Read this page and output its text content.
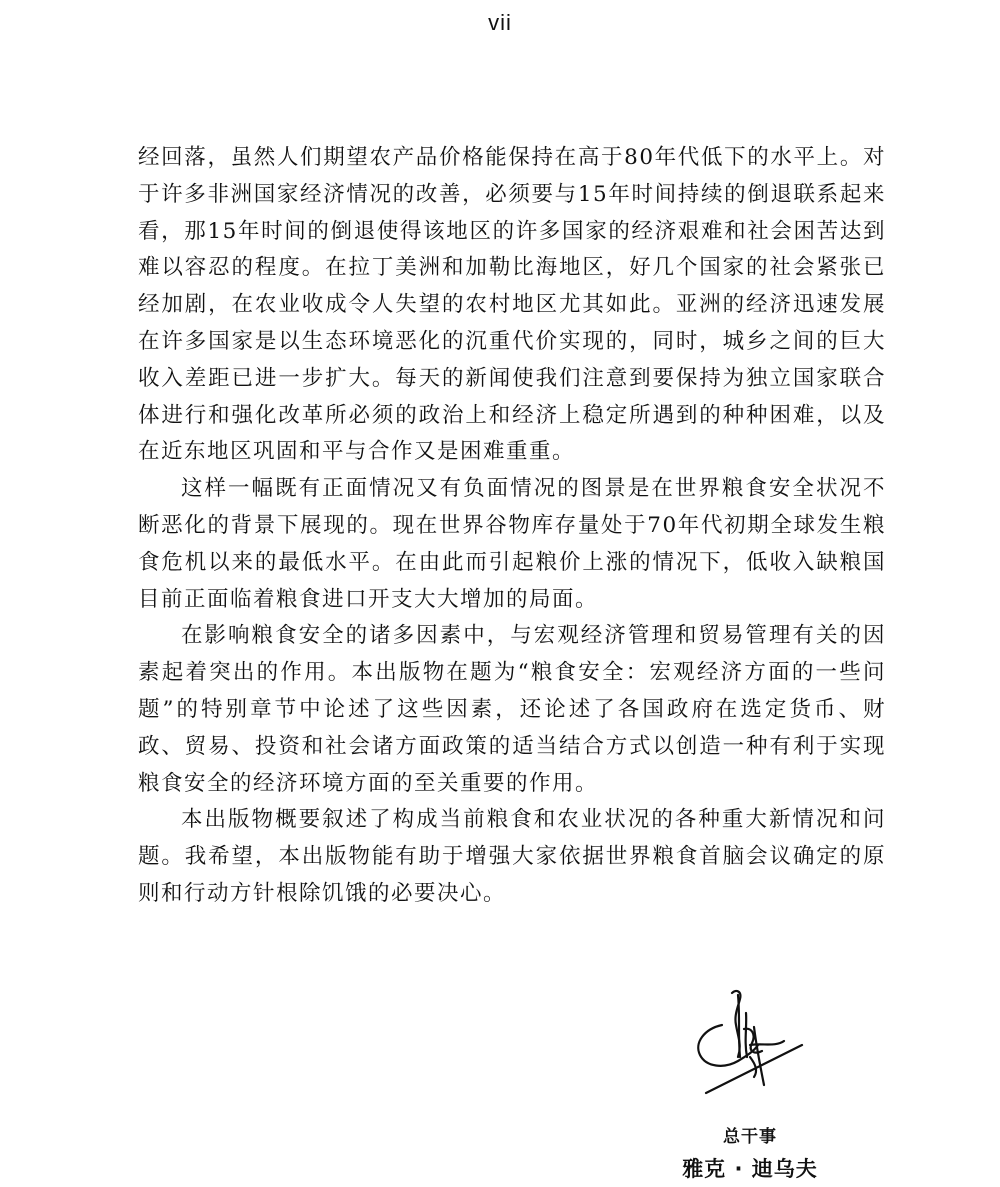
vii

经回落，虽然人们期望农产品价格能保持在高于80年代低下的水平上。对于许多非洲国家经济情况的改善，必须要与15年时间持续的倒退联系起来看，那15年时间的倒退使得该地区的许多国家的经济艰难和社会困苦达到难以容忍的程度。在拉丁美洲和加勒比海地区，好几个国家的社会紧张已经加剧，在农业收成令人失望的农村地区尤其如此。亚洲的经济迅速发展在许多国家是以生态环境恶化的沉重代价实现的，同时，城乡之间的巨大收入差距已进一步扩大。每天的新闻使我们注意到要保持为独立国家联合体进行和强化改革所必须的政治上和经济上稳定所遇到的种种困难，以及在近东地区巩固和平与合作又是困难重重。

这样一幅既有正面情况又有负面情况的图景是在世界粮食安全状况不断恶化的背景下展现的。现在世界谷物库存量处于70年代初期全球发生粮食危机以来的最低水平。在由此而引起粮价上涨的情况下，低收入缺粮国目前正面临着粮食进口开支大大增加的局面。

在影响粮食安全的诸多因素中，与宏观经济管理和贸易管理有关的因素起着突出的作用。本出版物在题为“粮食安全：宏观经济方面的一些问题”的特别章节中论述了这些因素，还论述了各国政府在选定货币、财政、贸易、投资和社会诸方面政策的适当结合方式以创造一种有利于实现粮食安全的经济环境方面的至关重要的作用。

本出版物概要叙述了构成当前粮食和农业状况的各种重大新情况和问题。我希望，本出版物能有助于增强大家依据世界粮食首脑会议确定的原则和行动方针根除饥饿的必要决心。

总干事
雅克 · 迪乌夫
